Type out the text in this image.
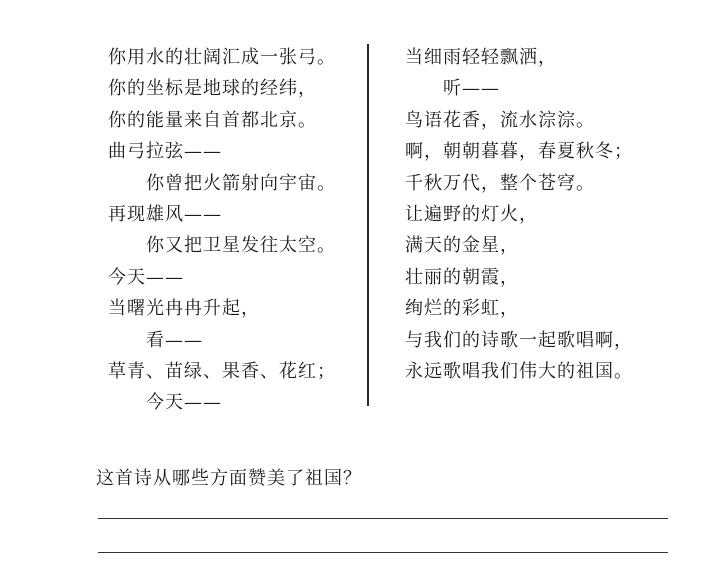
你用水的壮阔汇成一张弓。
你的坐标是地球的经纬，
你的能量来自首都北京。
曲弓拉弦——
你曾把火箭射向宇宙。
再现雄风——
你又把卫星发往太空。
今天——
当曙光冉冉升起，
看——
草青、苗绿、果香、花红；
今天——
当细雨轻轻飘洒，
听——
鸟语花香，流水淙淙。
啊，朝朝暮暮，春夏秋冬；
千秋万代，整个苍穹。
让遍野的灯火，
满天的金星，
壮丽的朝霞，
绚烂的彩虹，
与我们的诗歌一起歌唱啊，
永远歌唱我们伟大的祖国。
这首诗从哪些方面赞美了祖国？
